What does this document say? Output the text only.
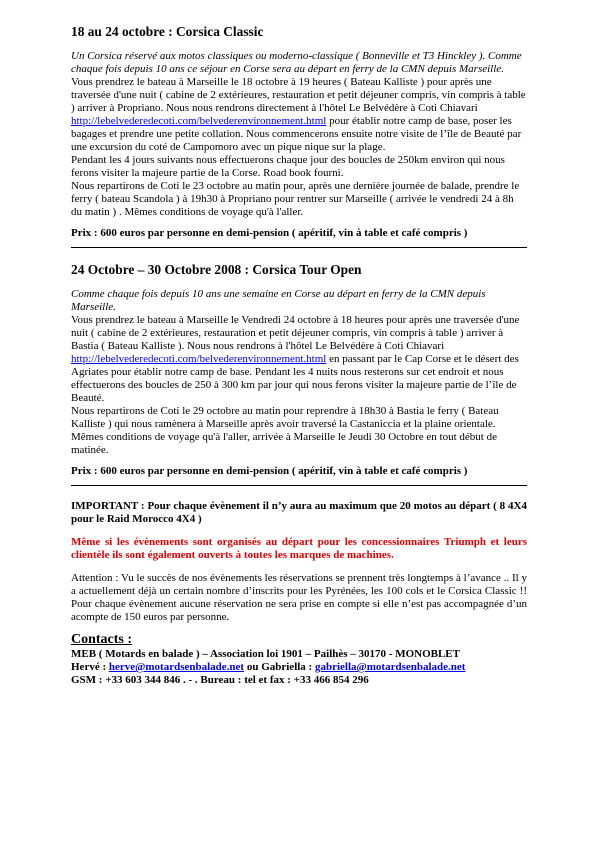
18 au 24 octobre : Corsica Classic

Un Corsica réservé aux motos classiques ou moderno-classique ( Bonneville et T3 Hinckley ). Comme chaque fois depuis 10 ans ce séjour en Corse sera au départ en ferry de la CMN depuis Marseille.

Vous prendrez le bateau à Marseille le 18 octobre à 19 heures ( Bateau Kalliste ) pour après une traversée d'une nuit ( cabine de 2 extérieures, restauration et petit déjeuner compris, vin compris à table ) arriver à Propriano. Nous nous rendrons directement à l'hôtel Le Belvédère à Coti Chiavari http://lebelvederedecoti.com/belvederenvironnement.html pour établir notre camp de base, poser les bagages et prendre une petite collation. Nous commencerons ensuite notre visite de l’île de Beauté par une excursion du coté de Campomoro avec un pique nique sur la plage.

Pendant les 4 jours suivants nous effectuerons chaque jour des boucles de 250km environ qui nous ferons visiter la majeure partie de la Corse. Road book fourni.

Nous repartirons de Coti le 23 octobre au matin pour, après une dernière journée de balade, prendre le ferry ( bateau Scandola ) à 19h30 à Propriano pour rentrer sur Marseille ( arrivée le vendredi 24 à 8h du matin ) . Mêmes conditions de voyage qu'à l'aller.

Prix : 600 euros par personne en demi-pension ( apéritif, vin à table et café compris )

24 Octobre – 30 Octobre 2008 : Corsica Tour Open

Comme chaque fois depuis 10 ans une semaine en Corse au départ en ferry de la CMN depuis Marseille.

Vous prendrez le bateau à Marseille le Vendredi 24 octobre à 18 heures pour après une traversée d'une nuit ( cabine de 2 extérieures, restauration et petit déjeuner compris, vin compris à table ) arriver à Bastia ( Bateau Kalliste ). Nous nous rendrons à l'hôtel Le Belvédère à Coti Chiavari http://lebelvederedecoti.com/belvederenvironnement.html en passant par le Cap Corse et le désert des Agriates pour établir notre camp de base. Pendant les 4 nuits nous resterons sur cet endroit et nous effectuerons des boucles de 250 à 300 km par jour qui nous ferons visiter la majeure partie de l’île de Beauté.

Nous repartirons de Coti le 29 octobre au matin pour reprendre à 18h30 à Bastia le ferry ( Bateau Kalliste ) qui nous ramènera à Marseille après avoir traversé la Castaniccia et la plaine orientale. Mêmes conditions de voyage qu'à l'aller, arrivée à Marseille le Jeudi 30 Octobre en tout début de matinée.

Prix : 600 euros par personne en demi-pension ( apéritif, vin à table et café compris )

IMPORTANT : Pour chaque évènement il n’y aura au maximum que 20 motos au départ ( 8 4X4 pour le Raid Morocco 4X4 )

Même si les évènements sont organisés au départ pour les concessionnaires Triumph et leurs clientèle ils sont également ouverts à toutes les marques de machines.

Attention : Vu le succès de nos évènements les réservations se prennent très longtemps à l’avance .. Il y a actuellement déjà un certain nombre d’inscrits pour les Pyrénées, les 100 cols et le Corsica Classic !! Pour chaque évènement aucune réservation ne sera prise en compte si elle n’est pas accompagnée d’un acompte de 150 euros par personne.

Contacts :

MEB ( Motards en balade ) – Association loi 1901 – Pailhès – 30170 - MONOBLET

Hervé : herve@motardsenbalade.net ou Gabriella : gabriella@motardsenbalade.net

GSM : +33 603 344 846 . - . Bureau : tel et fax : +33 466 854 296
